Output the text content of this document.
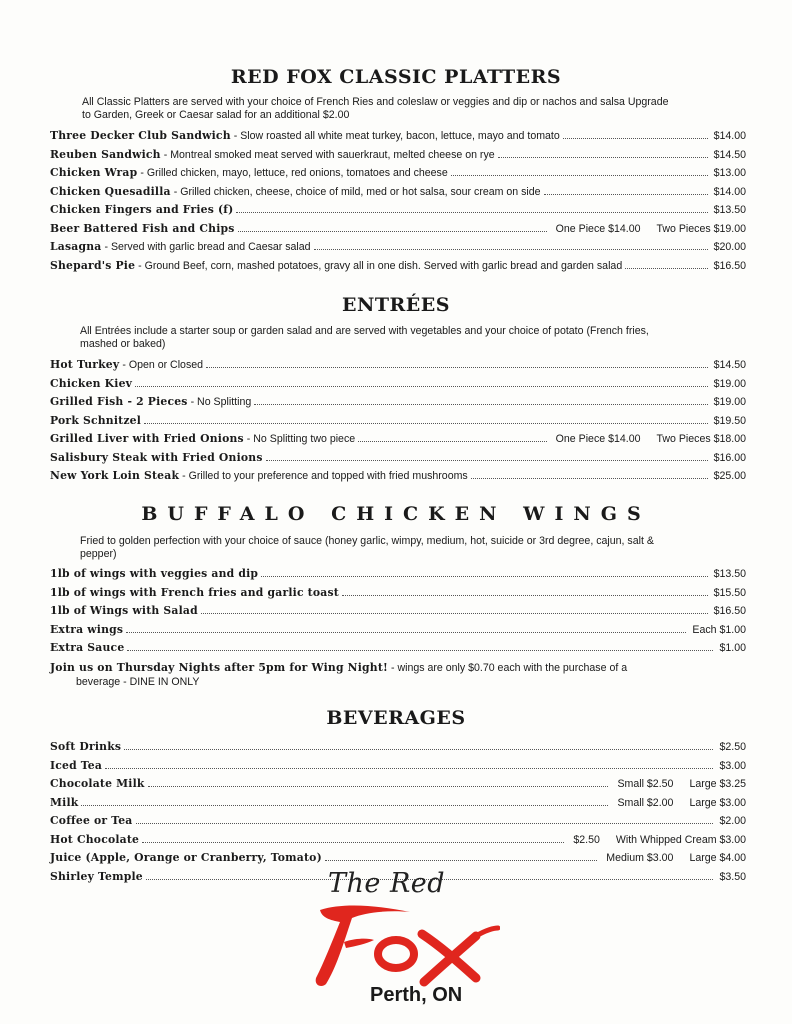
RED FOX CLASSIC PLATTERS
All Classic Platters are served with your choice of French Ries and coleslaw or veggies and dip or nachos and salsa Upgrade
to Garden, Greek or Caesar salad for an additional $2.00
Three Decker Club Sandwich - Slow roasted all white meat turkey, bacon, lettuce, mayo and tomato	$14.00
Reuben Sandwich - Montreal smoked meat served with sauerkraut, melted cheese on rye	$14.50
Chicken Wrap - Grilled chicken, mayo, lettuce, red onions, tomatoes and cheese	$13.00
Chicken Quesadilla - Grilled chicken, cheese, choice of mild, med or hot salsa, sour cream on side	$14.00
Chicken Fingers and Fries (f)	$13.50
Beer Battered Fish and Chips	One Piece $14.00 Two Pieces $19.00
Lasagna - Served with garlic bread and Caesar salad	$20.00
Shepard's Pie - Ground Beef, corn, mashed potatoes, gravy all in one dish. Served with garlic bread and garden salad	$16.50
ENTRÉES
All Entrées include a starter soup or garden salad and are served with vegetables and your choice of potato (French fries,
mashed or baked)
Hot Turkey - Open or Closed	$14.50
Chicken Kiev	$19.00
Grilled Fish - 2 Pieces - No Splitting	$19.00
Pork Schnitzel	$19.50
Grilled Liver with Fried Onions - No Splitting two piece	One Piece $14.00 Two Pieces $18.00
Salisbury Steak with Fried Onions	$16.00
New York Loin Steak - Grilled to your preference and topped with fried mushrooms	$25.00
BUFFALO CHICKEN WINGS
Fried to golden perfection with your choice of sauce (honey garlic, wimpy, medium, hot, suicide or 3rd degree, cajun, salt &
pepper)
1lb of wings with veggies and dip	$13.50
1lb of wings with French fries and garlic toast	$15.50
1lb of Wings with Salad	$16.50
Extra wings	Each $1.00
Extra Sauce	$1.00
Join us on Thursday Nights after 5pm for Wing Night! - wings are only $0.70 each with the purchase of a
beverage - DINE IN ONLY
BEVERAGES
Soft Drinks	$2.50
Iced Tea	$3.00
Chocolate Milk	Small $2.50 Large $3.25
Milk	Small $2.00 Large $3.00
Coffee or Tea	$2.00
Hot Chocolate	$2.50 With Whipped Cream $3.00
Juice (Apple, Orange or Cranberry, Tomato)	Medium $3.00 Large $4.00
Shirley Temple	$3.50
The Red
Perth, ON
